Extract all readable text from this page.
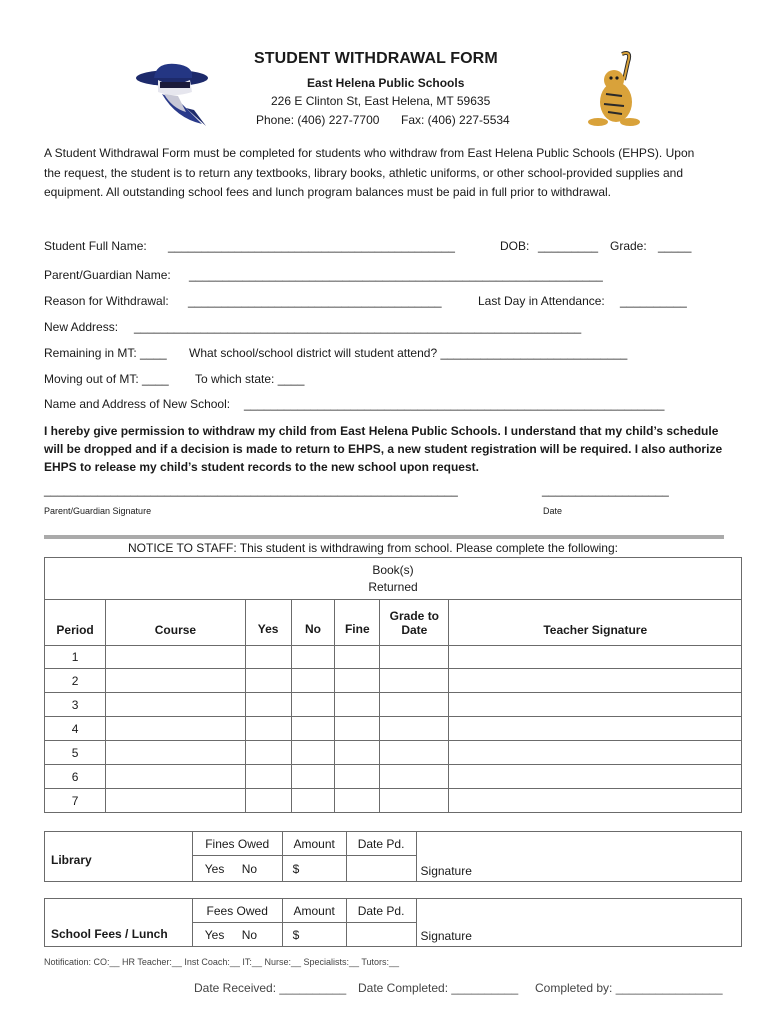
STUDENT WITHDRAWAL FORM
East Helena Public Schools
226 E Clinton St, East Helena, MT 59635
Phone: (406) 227-7700 Fax: (406) 227-5534
A Student Withdrawal Form must be completed for students who withdraw from East Helena Public Schools (EHPS). Upon the request, the student is to return any textbooks, library books, athletic uniforms, or other school-provided supplies and equipment. All outstanding school fees and lunch program balances must be paid in full prior to withdrawal.
Student Full Name: ___________________________________________	DOB: _________ Grade: _____
Parent/Guardian Name: ______________________________________________________________
Reason for Withdrawal: ______________________________________	Last Day in Attendance: __________
New Address: ___________________________________________________________________
Remaining in MT: ____ What school/school district will student attend? ____________________________
Moving out of MT: ____ To which state: ____
Name and Address of New School: _______________________________________________________________
I hereby give permission to withdraw my child from East Helena Public Schools. I understand that my child’s schedule will be dropped and if a decision is made to return to EHPS, a new student registration will be required. I also authorize EHPS to release my child’s student records to the new school upon request.
______________________________________________________________	___________________
Parent/Guardian Signature	Date
NOTICE TO STAFF: This student is withdrawing from school. Please complete the following:
Book(s)
Returned						

Period	Course	Yes	No	Fine	Grade to Date	Teacher Signature
1						
2						
3						
4						
5						
6						
7						
Library	Fines Owed	Amount	Date Pd.	Signature
	Yes No	$		
School Fees / Lunch	Fees Owed	Amount	Date Pd.	Signature
	Yes No	$		
Notification: CO:__ HR Teacher:__ Inst Coach:__ IT:__ Nurse:__ Specialists:__ Tutors:__
Date Received: __________ Date Completed: __________ Completed by: ________________
